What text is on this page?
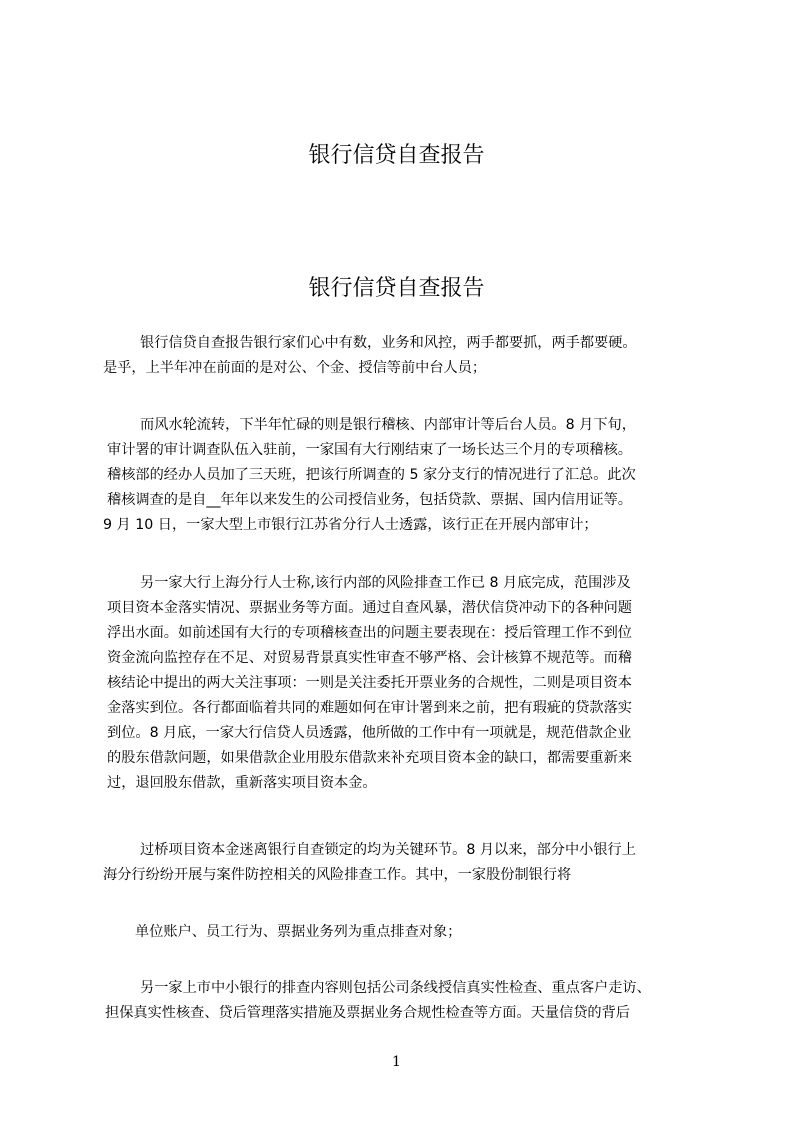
银行信贷自查报告
银行信贷自查报告

银行信贷自查报告银行家们心中有数，业务和风控，两手都要抓，两手都要硬。

是乎，上半年冲在前面的是对公、个金、授信等前中台人员；

而风水轮流转，下半年忙碌的则是银行稽核、内部审计等后台人员。8 月下旬，

审计署的审计调查队伍入驻前，一家国有大行刚结束了一场长达三个月的专项稽核。

稽核部的经办人员加了三天班，把该行所调查的 5 家分支行的情况进行了汇总。此次

稽核调查的是自__年年以来发生的公司授信业务，包括贷款、票据、国内信用证等。

9 月 10 日，一家大型上市银行江苏省分行人士透露，该行正在开展内部审计；

另一家大行上海分行人士称,该行内部的风险排查工作已 8 月底完成，范围涉及

项目资本金落实情况、票据业务等方面。通过自查风暴，潜伏信贷冲动下的各种问题

浮出水面。如前述国有大行的专项稽核查出的问题主要表现在：授后管理工作不到位

资金流向监控存在不足、对贸易背景真实性审查不够严格、会计核算不规范等。而稽

核结论中提出的两大关注事项：一则是关注委托开票业务的合规性，二则是项目资本

金落实到位。各行都面临着共同的难题如何在审计署到来之前，把有瑕疵的贷款落实

到位。8 月底，一家大行信贷人员透露，他所做的工作中有一项就是，规范借款企业

的股东借款问题，如果借款企业用股东借款来补充项目资本金的缺口，都需要重新来

过，退回股东借款，重新落实项目资本金。

过桥项目资本金迷离银行自查锁定的均为关键环节。8 月以来，部分中小银行上

海分行纷纷开展与案件防控相关的风险排查工作。其中，一家股份制银行将

单位账户、员工行为、票据业务列为重点排查对象；

另一家上市中小银行的排查内容则包括公司条线授信真实性检查、重点客户走访、

担保真实性核查、贷后管理落实措施及票据业务合规性检查等方面。天量信贷的背后

1
